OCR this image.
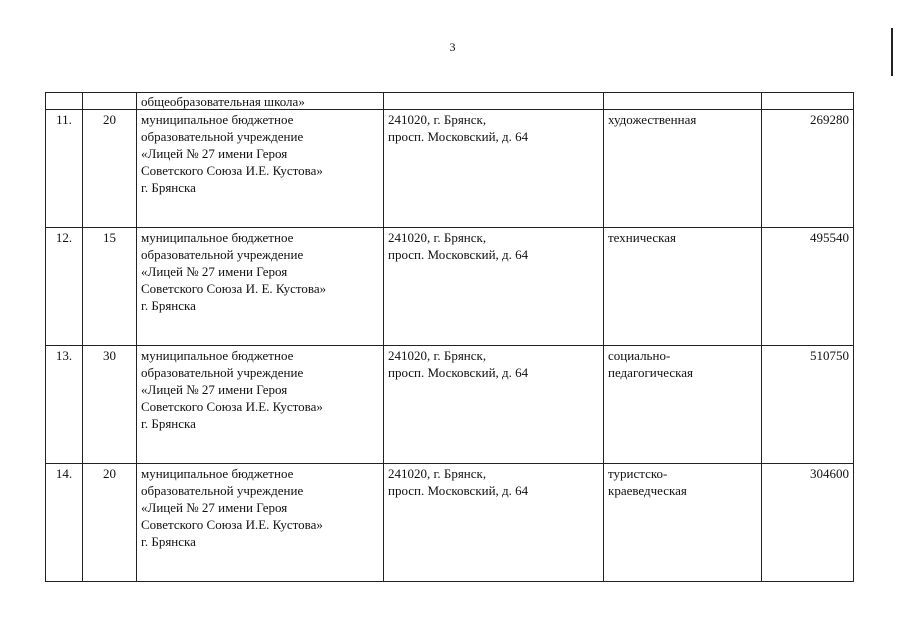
3
		общеобразовательная школа»			
11.	20	муниципальное бюджетное
образовательной учреждение
«Лицей № 27 имени Героя
Советского Союза И.Е. Кустова»
г. Брянска	241020, г. Брянск,
просп. Московский, д. 64	художественная	269280
12.	15	муниципальное бюджетное
образовательной учреждение
«Лицей № 27 имени Героя
Советского Союза И. Е. Кустова»
г. Брянска	241020, г. Брянск,
просп. Московский, д. 64	техническая	495540
13.	30	муниципальное бюджетное
образовательной учреждение
«Лицей № 27 имени Героя
Советского Союза И.Е. Кустова»
г. Брянска	241020, г. Брянск,
просп. Московский, д. 64	социально-
педагогическая	510750
14.	20	муниципальное бюджетное
образовательной учреждение
«Лицей № 27 имени Героя
Советского Союза И.Е. Кустова»
г. Брянска	241020, г. Брянск,
просп. Московский, д. 64	туристско-
краеведческая	304600
